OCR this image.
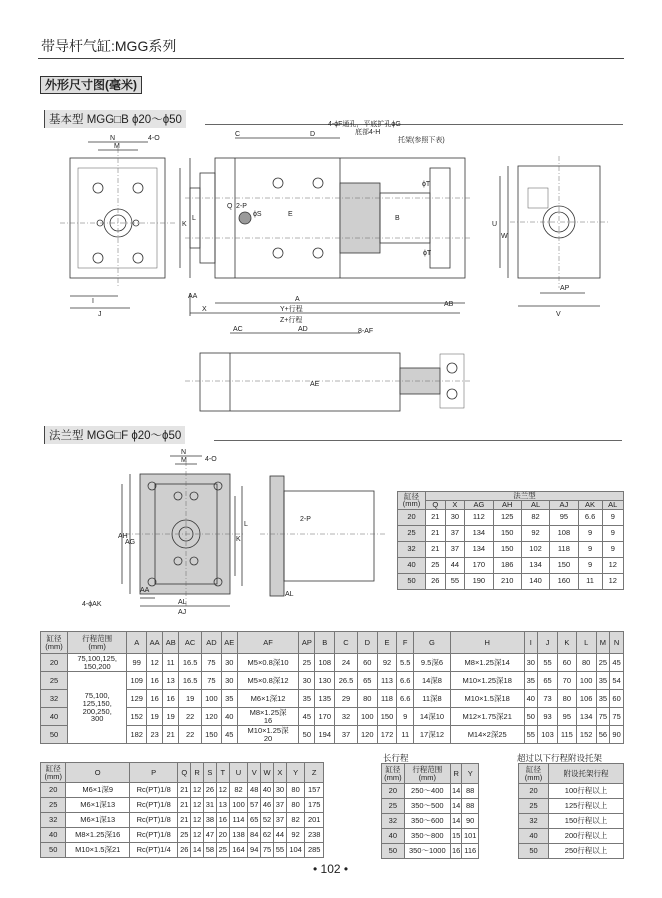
带导杆气缸:MGG系列
外形尺寸图(毫米)
基本型 MGG□B ϕ20～ϕ50
N
M
4-O
K
L
I
J
C	D
4-ϕF通孔，平底扩孔ϕG
底部4-H
托架(参照下表)
ϕT
ϕT
Q 2-P
ϕS	E
B
AA
X
A
AB
Y+行程
Z+行程
U
W
AP
V
AC	AD	8-AF
AE
法兰型 MGG□F ϕ20～ϕ50
N
M	4-O
AH
AG	K
L
4-ϕAK
AA
AL
AJ
2-P
AL
缸径 (mm)	法兰型							
	Q	X	AG	AH	AL	AJ	AK	AL
20	21	30	112	125	82	95	6.6	9
25	21	37	134	150	92	108	9	9
32	21	37	134	150	102	118	9	9
40	25	44	170	186	134	150	9	12
50	26	55	190	210	140	160	11	12
缸径
(mm)	行程范围
(mm)	A	AA	AB	AC	AD	AE	AF	AP	B	C	D	E	F	G	H	I	J	K	L	M	N
20	75,100,125,
150,200	99	12	11	16.5	75	30	M5×0.8深10	25	108	24	60	92	5.5	9.5深6	M8×1.25深14	30	55	60	80	25	45
25	75,100,
125,150,
200,250,
300	109	16	13	16.5	75	30	M5×0.8深12	30	130	26.5	65	113	6.6	14深8	M10×1.25深18	35	65	70	100	35	54
32		129	16	16	19	100	35	M6×1深12	35	135	29	80	118	6.6	11深8	M10×1.5深18	40	73	80	106	35	60
40		152	19	19	22	120	40	M8×1.25深
16	45	170	32	100	150	9	14深10	M12×1.75深21	50	93	95	134	75	75
50		182	23	21	22	150	45	M10×1.25深
20	50	194	37	120	172	11	17深12	M14×2深25	55	103	115	152	56	90
缸径
(mm)	O	P	Q	R	S	T	U	V	W	X	Y	Z
20	M6×1深9	Rc(PT)1/8	21	12	26	12	82	48	40	30	80	157
25	M6×1深13	Rc(PT)1/8	21	12	31	13	100	57	46	37	80	175
32	M6×1深13	Rc(PT)1/8	21	12	38	16	114	65	52	37	82	201
40	M8×1.25深16	Rc(PT)1/8	25	12	47	20	138	84	62	44	92	238
50	M10×1.5深21	Rc(PT)1/4	26	14	58	25	164	94	75	55	104	285
长行程
缸径
(mm)	行程范围
(mm)	R	Y
20	250～400	14	88
25	350～500	14	88
32	350～600	14	90
40	350～800	15	101
50	350～1000	16	116
超过以下行程附设托架
缸径
(mm)	附设托架行程
20	100行程以上
25	125行程以上
32	150行程以上
40	200行程以上
50	250行程以上
• 102 •
